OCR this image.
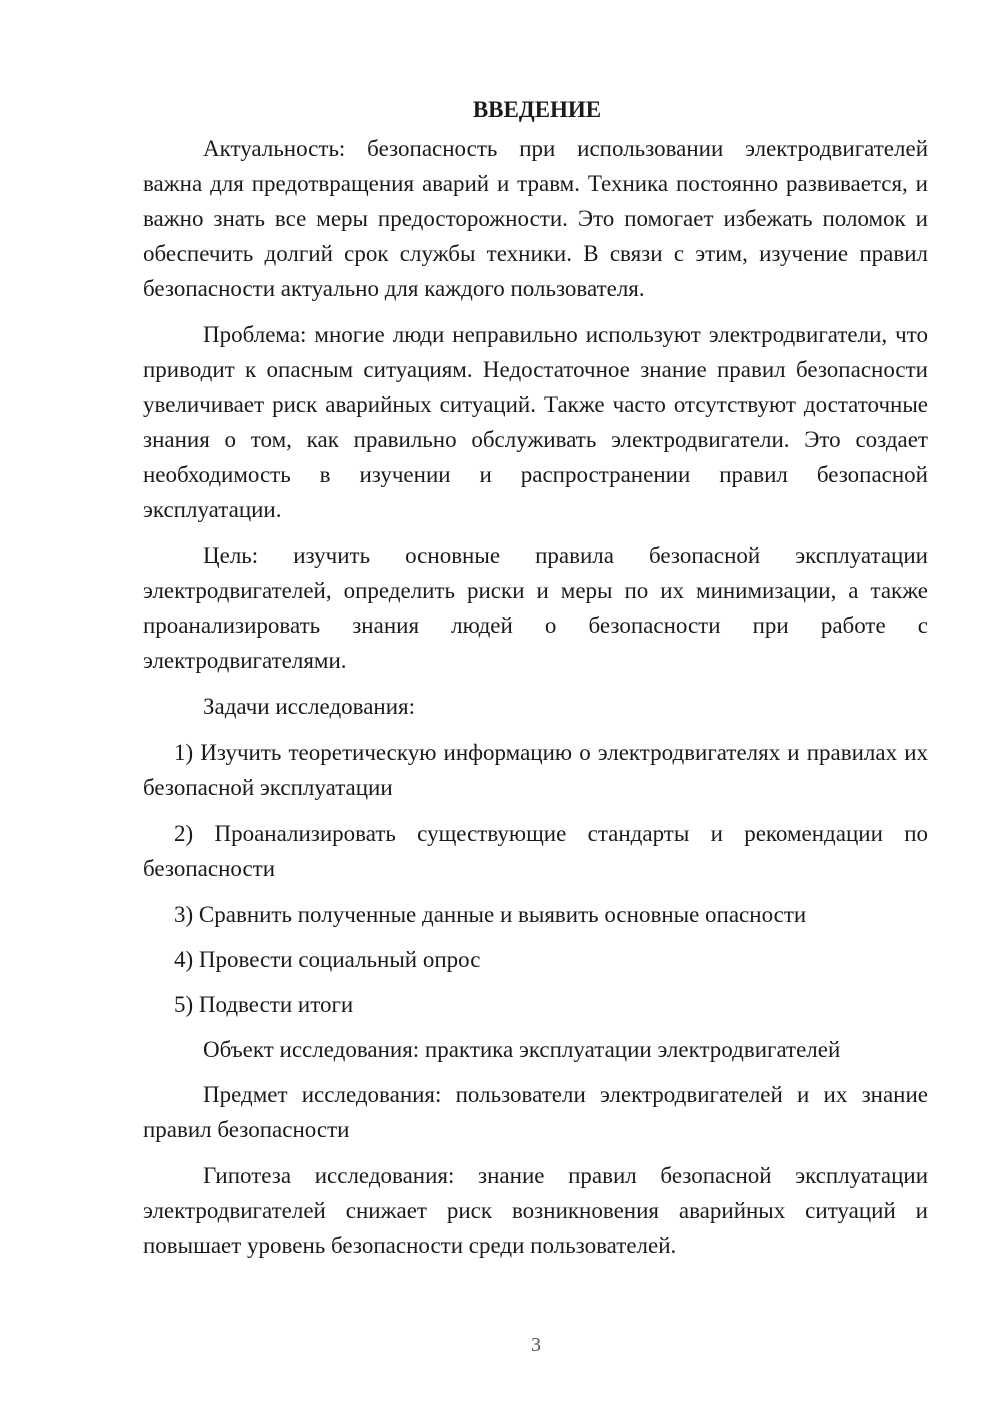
ВВЕДЕНИЕ

Актуальность: безопасность при использовании электродвигателей важна для предотвращения аварий и травм. Техника постоянно развивается, и важно знать все меры предосторожности. Это помогает избежать поломок и обеспечить долгий срок службы техники. В связи с этим, изучение правил безопасности актуально для каждого пользователя.

Проблема: многие люди неправильно используют электродвигатели, что приводит к опасным ситуациям. Недостаточное знание правил безопасности увеличивает риск аварийных ситуаций. Также часто отсутствуют достаточные знания о том, как правильно обслуживать электродвигатели. Это создает необходимость в изучении и распространении правил безопасной эксплуатации.

Цель: изучить основные правила безопасной эксплуатации электродвигателей, определить риски и меры по их минимизации, а также проанализировать знания людей о безопасности при работе с электродвигателями.

Задачи исследования:

1) Изучить теоретическую информацию о электродвигателях и правилах их безопасной эксплуатации
2) Проанализировать существующие стандарты и рекомендации по безопасности
3) Сравнить полученные данные и выявить основные опасности
4) Провести социальный опрос
5) Подвести итоги

Объект исследования: практика эксплуатации электродвигателей

Предмет исследования: пользователи электродвигателей и их знание правил безопасности

Гипотеза исследования: знание правил безопасной эксплуатации электродвигателей снижает риск возникновения аварийных ситуаций и повышает уровень безопасности среди пользователей.

3
